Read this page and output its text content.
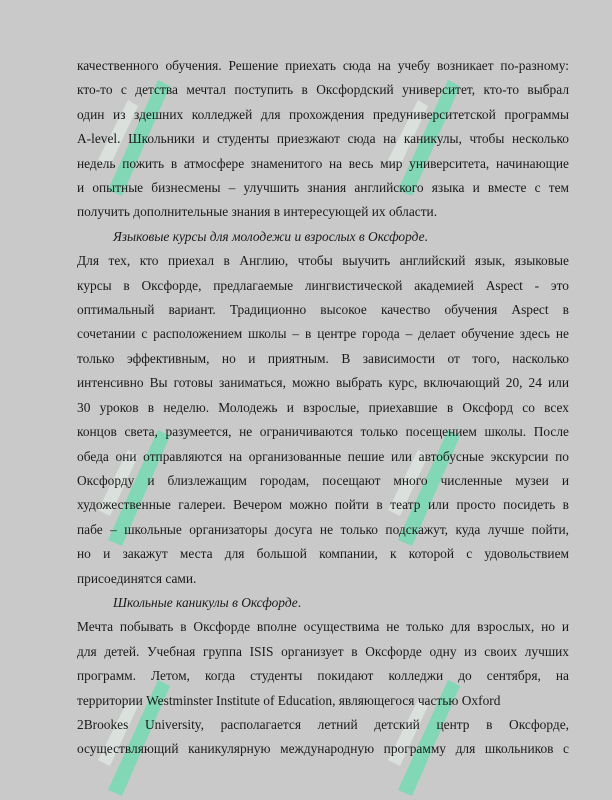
качественного обучения. Решение приехать сюда на учебу возникает по-разному:
кто-то с детства мечтал поступить в Оксфордский университет, кто-то выбрал
один из здешних колледжей для прохождения предуниверситетской программы
A-level. Школьники и студенты приезжают сюда на каникулы, чтобы несколько
недель пожить в атмосфере знаменитого на весь мир университета, начинающие
и опытные бизнесмены – улучшить знания английского языка и вместе с тем
получить дополнительные знания в интересующей их области.

Языковые курсы для молодежи и взрослых в Оксфорде.

Для тех, кто приехал в Англию, чтобы выучить английский язык, языковые
курсы в Оксфорде, предлагаемые лингвистической академией Aspect - это
оптимальный вариант. Традиционно высокое качество обучения Aspect в
сочетании с расположением школы – в центре города – делает обучение здесь не
только эффективным, но и приятным. В зависимости от того, насколько
интенсивно Вы готовы заниматься, можно выбрать курс, включающий 20, 24 или
30 уроков в неделю. Молодежь и взрослые, приехавшие в Оксфорд со всех
концов света, разумеется, не ограничиваются только посещением школы. После
обеда они отправляются на организованные пешие или автобусные экскурсии по
Оксфорду и близлежащим городам, посещают много численные музеи и
художественные галереи. Вечером можно пойти в театр или просто посидеть в
пабе – школьные организаторы досуга не только подскажут, куда лучше пойти,
но и закажут места для большой компании, к которой с удовольствием
присоединятся сами.

Школьные каникулы в Оксфорде.

Мечта побывать в Оксфорде вполне осуществима не только для взрослых, но и
для детей. Учебная группа ISIS организует в Оксфорде одну из своих лучших
программ. Летом, когда студенты покидают колледжи до сентября, на
территории Westminster Institute of Education, являющегося частью Oxford
2Brookes University, располагается летний детский центр в Оксфорде,
осуществляющий каникулярную международную программу для школьников с
